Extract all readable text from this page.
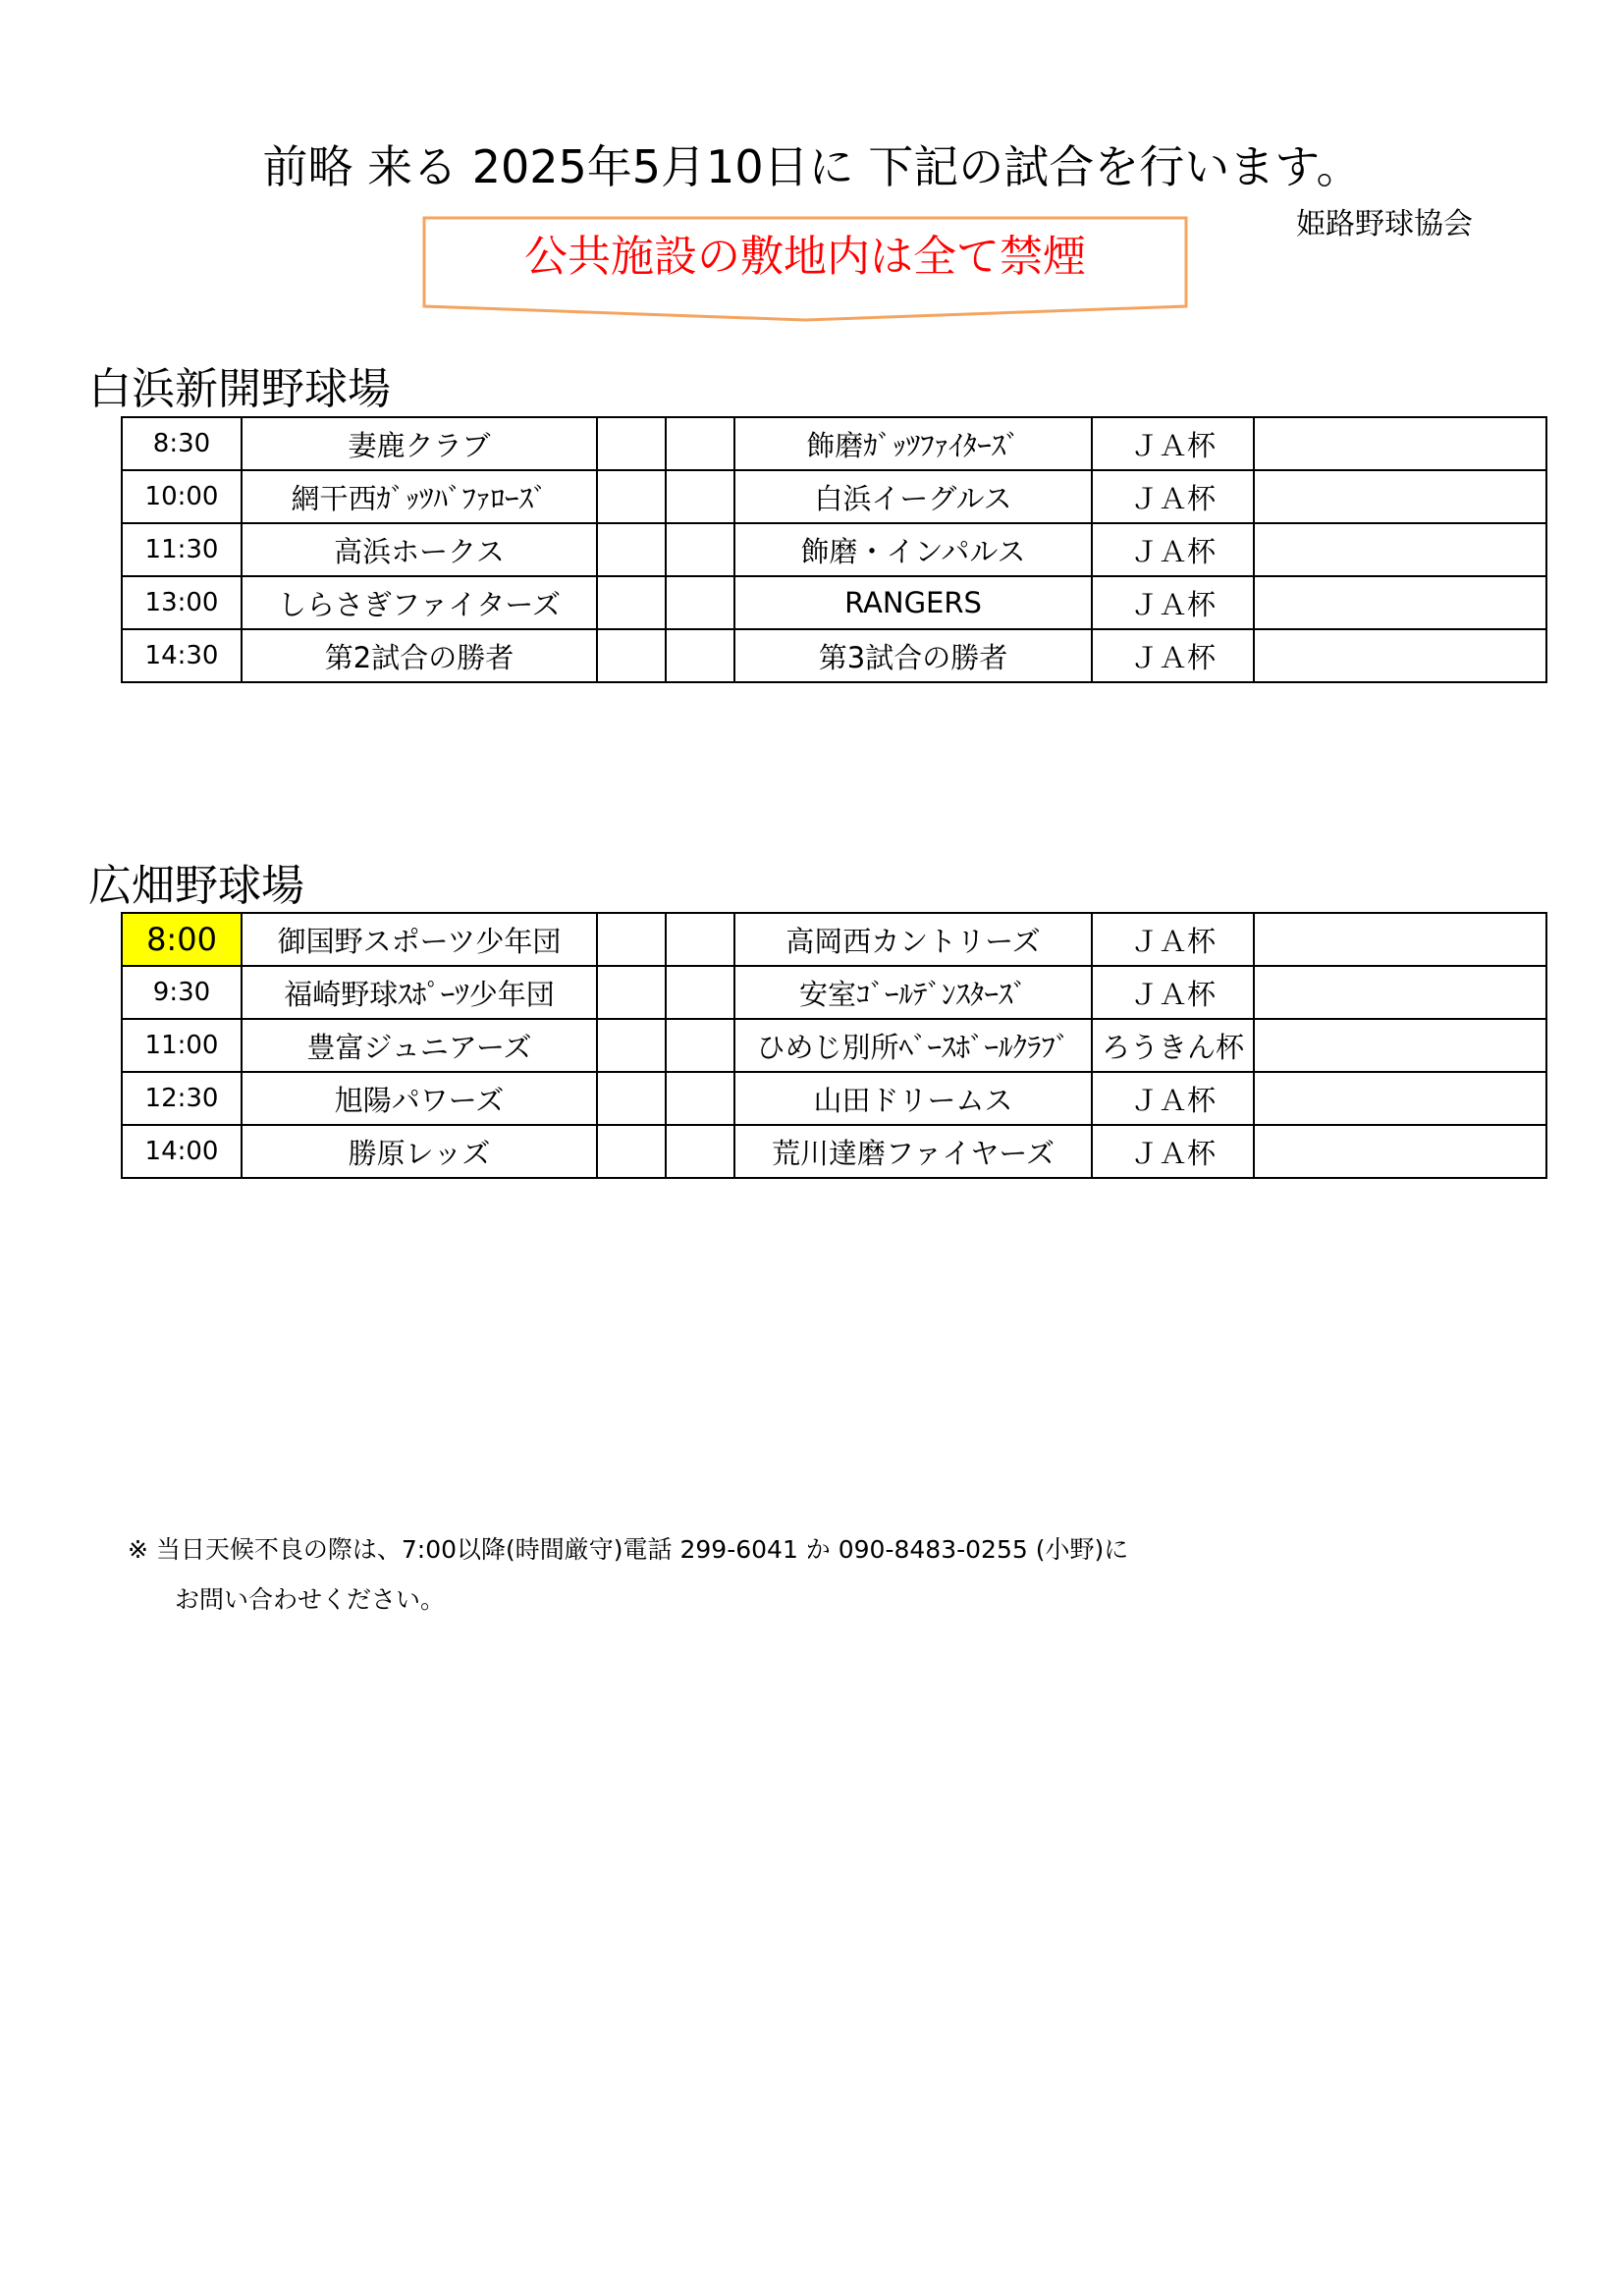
前略 来る 2025年5月10日に 下記の試合を行います。
姫路野球協会
公共施設の敷地内は全て禁煙
白浜新開野球場
8:30	妻鹿クラブ			飾磨ｶﾞｯﾂﾌｧｲﾀｰｽﾞ	ＪＡ杯	
10:00	網干西ｶﾞｯﾂﾊﾞﾌｧﾛｰｽﾞ			白浜イーグルス	ＪＡ杯	
11:30	高浜ホークス			飾磨・インパルス	ＪＡ杯	
13:00	しらさぎファイターズ			RANGERS	ＪＡ杯	
14:30	第2試合の勝者			第3試合の勝者	ＪＡ杯	
広畑野球場
8:00	御国野スポーツ少年団			高岡西カントリーズ	ＪＡ杯	
9:30	福崎野球ｽﾎﾟｰﾂ少年団			安室ｺﾞｰﾙﾃﾞﾝｽﾀｰｽﾞ	ＪＡ杯	
11:00	豊富ジュニアーズ			ひめじ別所ﾍﾞｰｽﾎﾞｰﾙｸﾗﾌﾞ	ろうきん杯	
12:30	旭陽パワーズ			山田ドリームス	ＪＡ杯	
14:00	勝原レッズ			荒川達磨ファイヤーズ	ＪＡ杯	
※ 当日天候不良の際は、7:00以降(時間厳守)電話 299-6041 か 090-8483-0255 (小野)に
お問い合わせください。
